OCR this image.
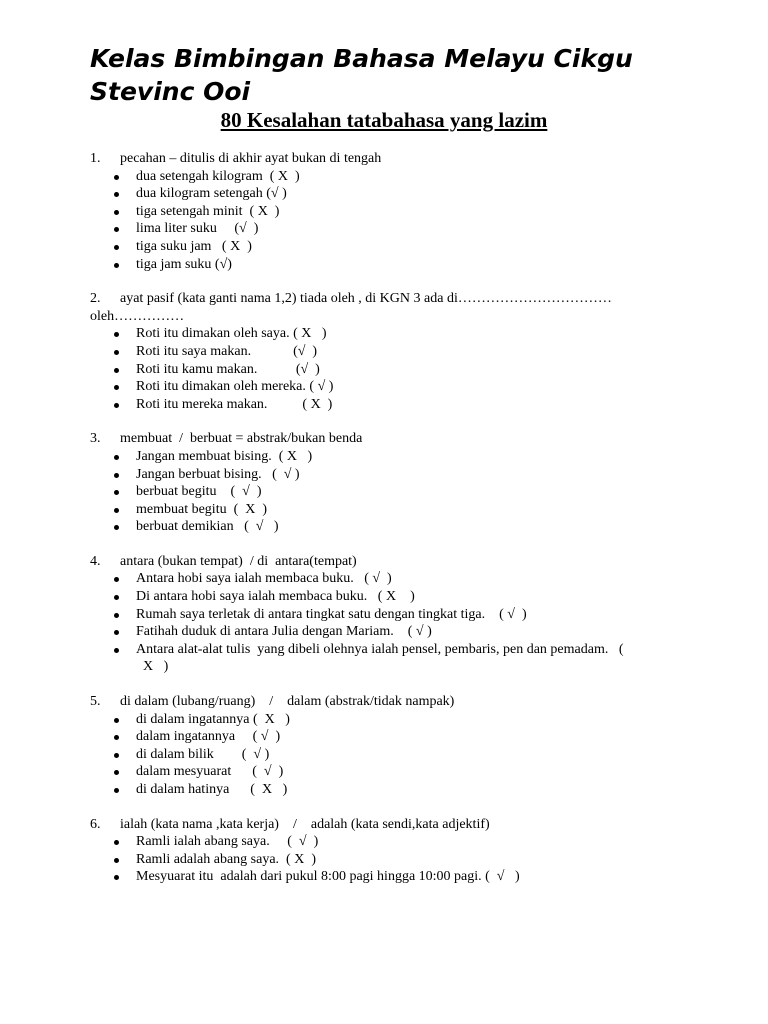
Kelas Bimbingan Bahasa Melayu Cikgu Stevinc Ooi
80 Kesalahan tatabahasa yang lazim

1. pecahan – ditulis di akhir ayat bukan di tengah

dua setengah kilogram  ( X  )
dua kilogram setengah (√ )
tiga setengah minit  ( X  )
lima liter suku     (√  )
tiga suku jam   ( X  )
tiga jam suku (√)

2. ayat pasif (kata ganti nama 1,2) tiada oleh , di KGN 3 ada di…………………………… oleh……………

Roti itu dimakan oleh saya. ( X   )
Roti itu saya makan.            (√  )
Roti itu kamu makan.           (√  )
Roti itu dimakan oleh mereka. ( √ )
Roti itu mereka makan.          ( X  )

3. membuat  /  berbuat = abstrak/bukan benda

Jangan membuat bising.  ( X   )
Jangan berbuat bising.   (  √ )
berbuat begitu    (  √  )
membuat begitu  (  X  )
berbuat demikian   (  √   )

4. antara (bukan tempat)  / di  antara(tempat)

Antara hobi saya ialah membaca buku.   ( √  )
Di antara hobi saya ialah membaca buku.   ( X    )
Rumah saya terletak di antara tingkat satu dengan tingkat tiga.    ( √  )
Fatihah duduk di antara Julia dengan Mariam.    ( √ )
Antara alat-alat tulis  yang dibeli olehnya ialah pensel, pembaris, pen dan pemadam.   (
X   )

5. di dalam (lubang/ruang)    /    dalam (abstrak/tidak nampak)

di dalam ingatannya (  X   )
dalam ingatannya     ( √  )
di dalam bilik        (  √ )
dalam mesyuarat      (  √  )
di dalam hatinya      (  X   )

6. ialah (kata nama ,kata kerja)    /    adalah (kata sendi,kata adjektif)

Ramli ialah abang saya.     (  √  )
Ramli adalah abang saya.  ( X  )
Mesyuarat itu  adalah dari pukul 8:00 pagi hingga 10:00 pagi. (  √   )
